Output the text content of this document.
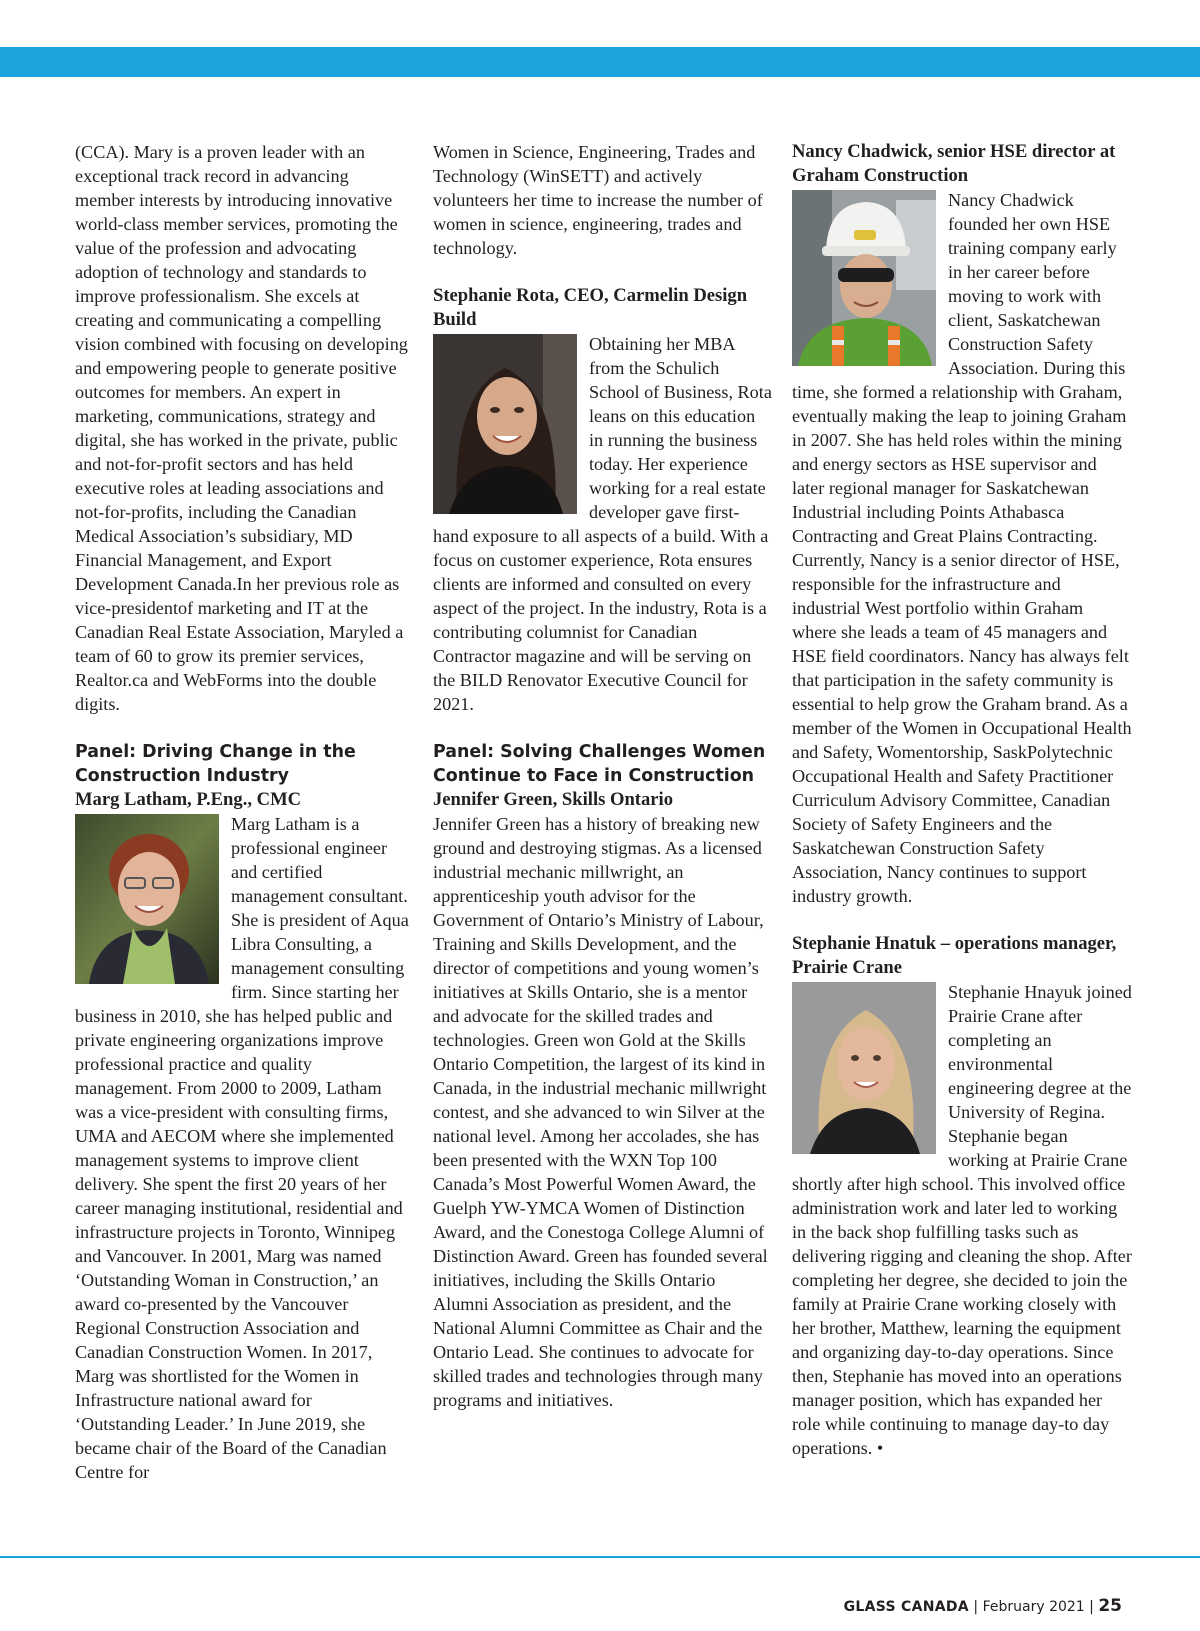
(CCA). Mary is a proven leader with an exceptional track record in advancing member interests by introducing innovative world-class member services, promoting the value of the profession and advocating adoption of technology and standards to improve professionalism. She excels at creating and communicating a compelling vision combined with focusing on developing and empowering people to generate positive outcomes for members. An expert in marketing, communications, strategy and digital, she has worked in the private, public and not-for-profit sectors and has held executive roles at leading associations and not-for-profits, including the Canadian Medical Association’s subsidiary, MD Financial Management, and Export Development Canada.In her previous role as vice-presidentof marketing and IT at the Canadian Real Estate Association, Maryled a team of 60 to grow its premier services, Realtor.ca and WebForms into the double digits.

Panel: Driving Change in the Construction Industry
Marg Latham, P.Eng., CMC

Marg Latham is a professional engineer and certified management consultant. She is president of Aqua Libra Consulting, a management consulting firm. Since starting her business in 2010, she has helped public and private engineering organizations improve professional practice and quality management. From 2000 to 2009, Latham was a vice-president with consulting firms, UMA and AECOM where she implemented management systems to improve client delivery. She spent the first 20 years of her career managing institutional, residential and infrastructure projects in Toronto, Winnipeg and Vancouver. In 2001, Marg was named ‘Outstanding Woman in Construction,’ an award co-presented by the Vancouver Regional Construction Association and Canadian Construction Women. In 2017, Marg was shortlisted for the Women in Infrastructure national award for ‘Outstanding Leader.’ In June 2019, she became chair of the Board of the Canadian Centre for

Women in Science, Engineering, Trades and Technology (WinSETT) and actively volunteers her time to increase the number of women in science, engineering, trades and technology.

Stephanie Rota, CEO, Carmelin Design Build

Obtaining her MBA from the Schulich School of Business, Rota leans on this education in running the business today. Her experience working for a real estate developer gave first-hand exposure to all aspects of a build. With a focus on customer experience, Rota ensures clients are informed and consulted on every aspect of the project. In the industry, Rota is a contributing columnist for Canadian Contractor magazine and will be serving on the BILD Renovator Executive Council for 2021.

Panel: Solving Challenges Women Continue to Face in Construction
Jennifer Green, Skills Ontario

Jennifer Green has a history of breaking new ground and destroying stigmas. As a licensed industrial mechanic millwright, an apprenticeship youth advisor for the Government of Ontario’s Ministry of Labour, Training and Skills Development, and the director of competitions and young women’s initiatives at Skills Ontario, she is a mentor and advocate for the skilled trades and technologies. Green won Gold at the Skills Ontario Competition, the largest of its kind in Canada, in the industrial mechanic millwright contest, and she advanced to win Silver at the national level. Among her accolades, she has been presented with the WXN Top 100 Canada’s Most Powerful Women Award, the Guelph YW-YMCA Women of Distinction Award, and the Conestoga College Alumni of Distinction Award. Green has founded several initiatives, including the Skills Ontario Alumni Association as president, and the National Alumni Committee as Chair and the Ontario Lead. She continues to advocate for skilled trades and technologies through many programs and initiatives.

Nancy Chadwick, senior HSE director at Graham Construction

Nancy Chadwick founded her own HSE training company early in her career before moving to work with client, Saskatchewan Construction Safety Association. During this time, she formed a relationship with Graham, eventually making the leap to joining Graham in 2007. She has held roles within the mining and energy sectors as HSE supervisor and later regional manager for Saskatchewan Industrial including Points Athabasca Contracting and Great Plains Contracting. Currently, Nancy is a senior director of HSE, responsible for the infrastructure and industrial West portfolio within Graham where she leads a team of 45 managers and HSE field coordinators. Nancy has always felt that participation in the safety community is essential to help grow the Graham brand. As a member of the Women in Occupational Health and Safety, Womentorship, SaskPolytechnic Occupational Health and Safety Practitioner Curriculum Advisory Committee, Canadian Society of Safety Engineers and the Saskatchewan Construction Safety Association, Nancy continues to support industry growth.

Stephanie Hnatuk – operations manager, Prairie Crane

Stephanie Hnayuk joined Prairie Crane after completing an environmental engineering degree at the University of Regina. Stephanie began working at Prairie Crane shortly after high school. This involved office administration work and later led to working in the back shop fulfilling tasks such as delivering rigging and cleaning the shop. After completing her degree, she decided to join the family at Prairie Crane working closely with her brother, Matthew, learning the equipment and organizing day-to-day operations. Since then, Stephanie has moved into an operations manager position, which has expanded her role while continuing to manage day-to day operations. •

GLASS CANADA | February 2021 | 25
